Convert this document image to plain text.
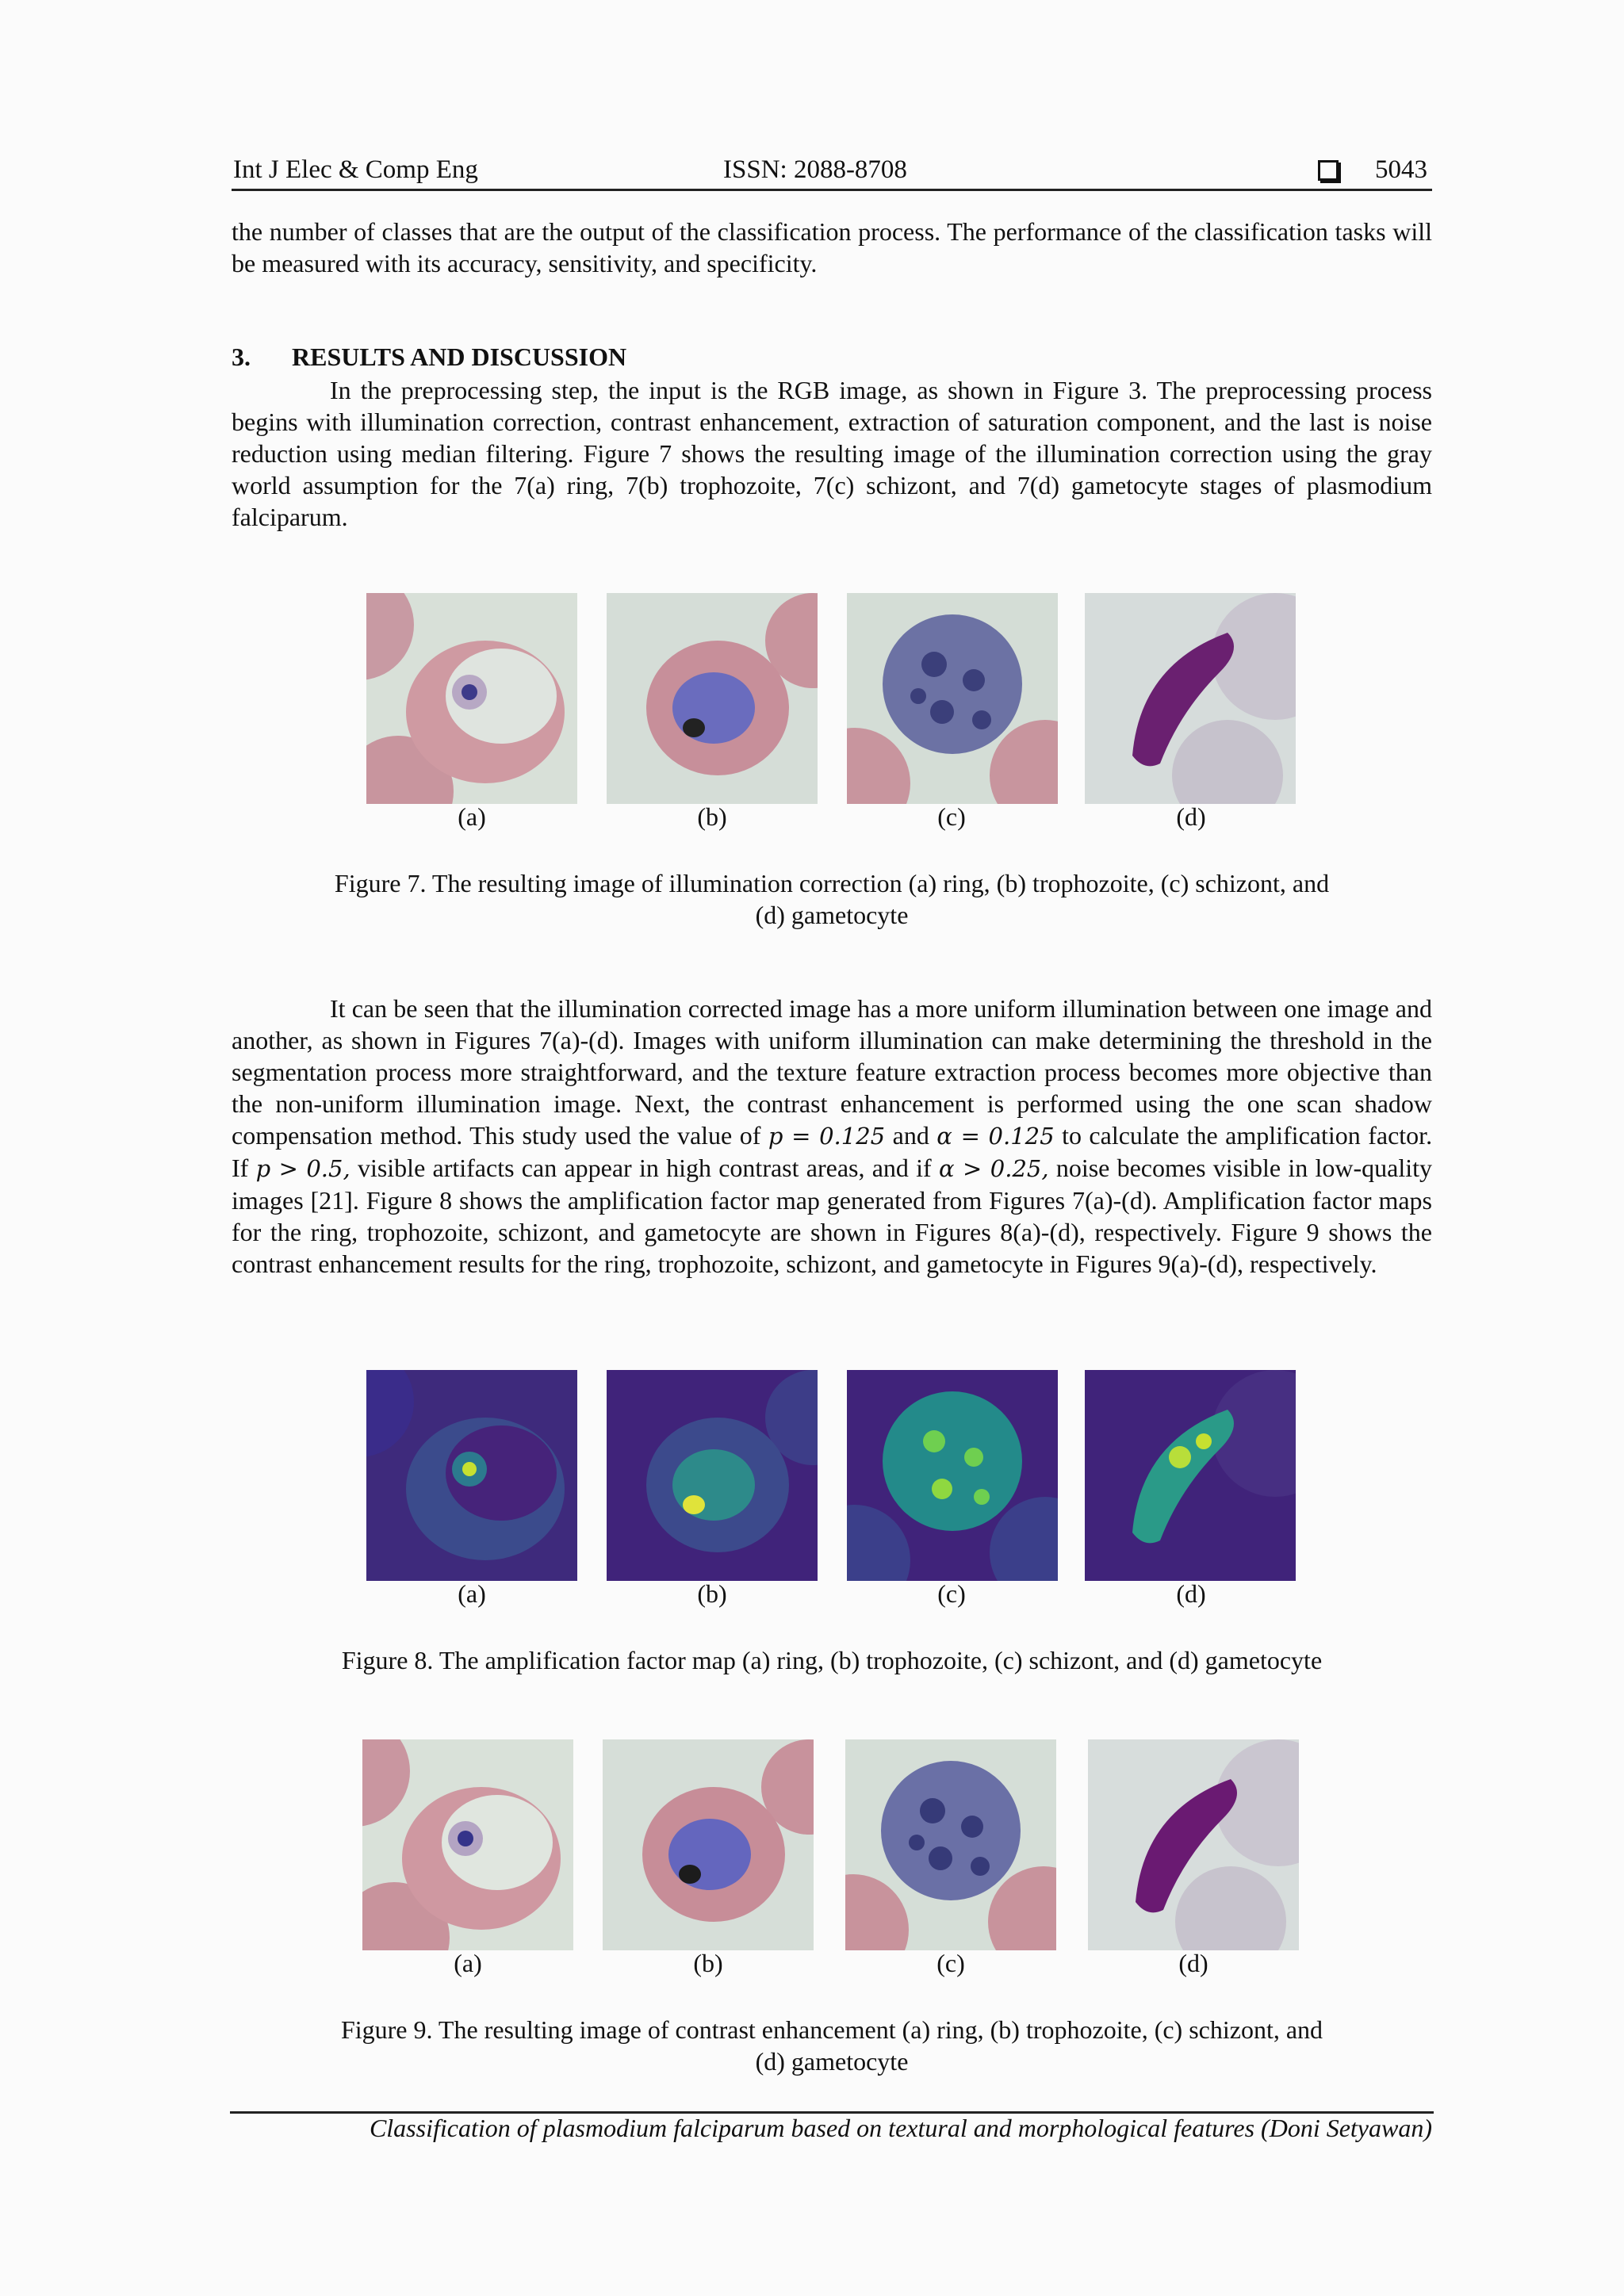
Int J Elec & Comp Eng	ISSN: 2088-8708	5043
the number of classes that are the output of the classification process. The performance of the classification tasks will be measured with its accuracy, sensitivity, and specificity.
3. RESULTS AND DISCUSSION
In the preprocessing step, the input is the RGB image, as shown in Figure 3. The preprocessing process begins with illumination correction, contrast enhancement, extraction of saturation component, and the last is noise reduction using median filtering. Figure 7 shows the resulting image of the illumination correction using the gray world assumption for the 7(a) ring, 7(b) trophozoite, 7(c) schizont, and 7(d) gametocyte stages of plasmodium falciparum.
(a)	(b)	(c)	(d)
Figure 7. The resulting image of illumination correction (a) ring, (b) trophozoite, (c) schizont, and
(d) gametocyte
It can be seen that the illumination corrected image has a more uniform illumination between one image and another, as shown in Figures 7(a)-(d). Images with uniform illumination can make determining the threshold in the segmentation process more straightforward, and the texture feature extraction process becomes more objective than the non-uniform illumination image. Next, the contrast enhancement is performed using the one scan shadow compensation method. This study used the value of p = 0.125 and α = 0.125 to calculate the amplification factor. If p > 0.5, visible artifacts can appear in high contrast areas, and if α > 0.25, noise becomes visible in low-quality images [21]. Figure 8 shows the amplification factor map generated from Figures 7(a)-(d). Amplification factor maps for the ring, trophozoite, schizont, and gametocyte are shown in Figures 8(a)-(d), respectively. Figure 9 shows the contrast enhancement results for the ring, trophozoite, schizont, and gametocyte in Figures 9(a)-(d), respectively.
(a)	(b)	(c)	(d)
Figure 8. The amplification factor map (a) ring, (b) trophozoite, (c) schizont, and (d) gametocyte
(a)	(b)	(c)	(d)
Figure 9. The resulting image of contrast enhancement (a) ring, (b) trophozoite, (c) schizont, and
(d) gametocyte
Classification of plasmodium falciparum based on textural and morphological features (Doni Setyawan)
